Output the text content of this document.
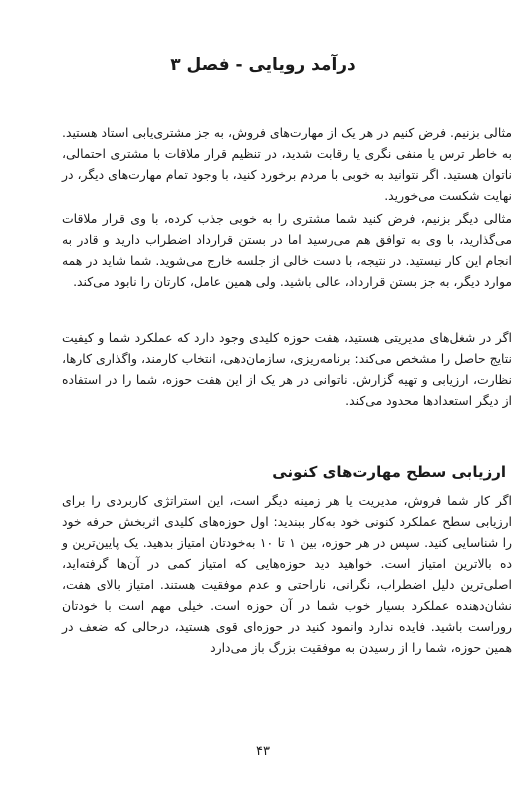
درآمد رویایی - فصل ۳
مثالی بزنیم. فرض کنیم در هر یک از مهارت‌های فروش، به جز مشتری‌یابی استاد هستید. به خاطر ترس یا منفی نگری یا رقابت شدید، در تنظیم قرار ملاقات با مشتری احتمالی، ناتوان هستید. اگر نتوانید به خوبی با مردم برخورد کنید، با وجود تمام مهارت‌های دیگر، در نهایت شکست می‌خورید.
مثالی دیگر بزنیم، فرض کنید شما مشتری را به خوبی جذب کرده، با وی قرار ملاقات می‌گذارید، با وی به توافق هم می‌رسید اما در بستن قرارداد اضطراب دارید و قادر به انجام این کار نیستید. در نتیجه، با دست خالی از جلسه خارج می‌شوید. شما شاید در همه موارد دیگر، به جز بستن قرارداد، عالی باشید. ولی همین عامل، کارتان را نابود می‌کند.
اگر در شغل‌های مدیریتی هستید، هفت حوزه کلیدی وجود دارد که عملکرد شما و کیفیت نتایج حاصل را مشخص می‌کند: برنامه‌ریزی، سازمان‌دهی، انتخاب کارمند، واگذاری کارها، نظارت، ارزیابی و تهیه گزارش. ناتوانی در هر یک از این هفت حوزه، شما را در استفاده از دیگر استعدادها محدود می‌کند.
ارزیابی سطح مهارت‌های کنونی
اگر کار شما فروش، مدیریت یا هر زمینه دیگر است، این استراتژی کاربردی را برای ارزیابی سطح عملکرد کنونی خود به‌کار ببندید: اول حوزه‌های کلیدی اثربخش حرفه خود را شناسایی کنید. سپس در هر حوزه، بین ۱ تا ۱۰ به‌خودتان امتیاز بدهید. یک پایین‌ترین و ده بالاترین امتیاز است. خواهید دید حوزه‌هایی که امتیاز کمی در آن‌ها گرفته‌اید، اصلی‌ترین دلیل اضطراب، نگرانی، ناراحتی و عدم موفقیت هستند. امتیاز بالای هفت، نشان‌دهنده عملکرد بسیار خوب شما در آن حوزه است. خیلی مهم است با خودتان روراست باشید. فایده ندارد وانمود کنید در حوزه‌ای قوی هستید، درحالی که ضعف در همین حوزه، شما را از رسیدن به موفقیت بزرگ باز می‌دارد
۴۳
